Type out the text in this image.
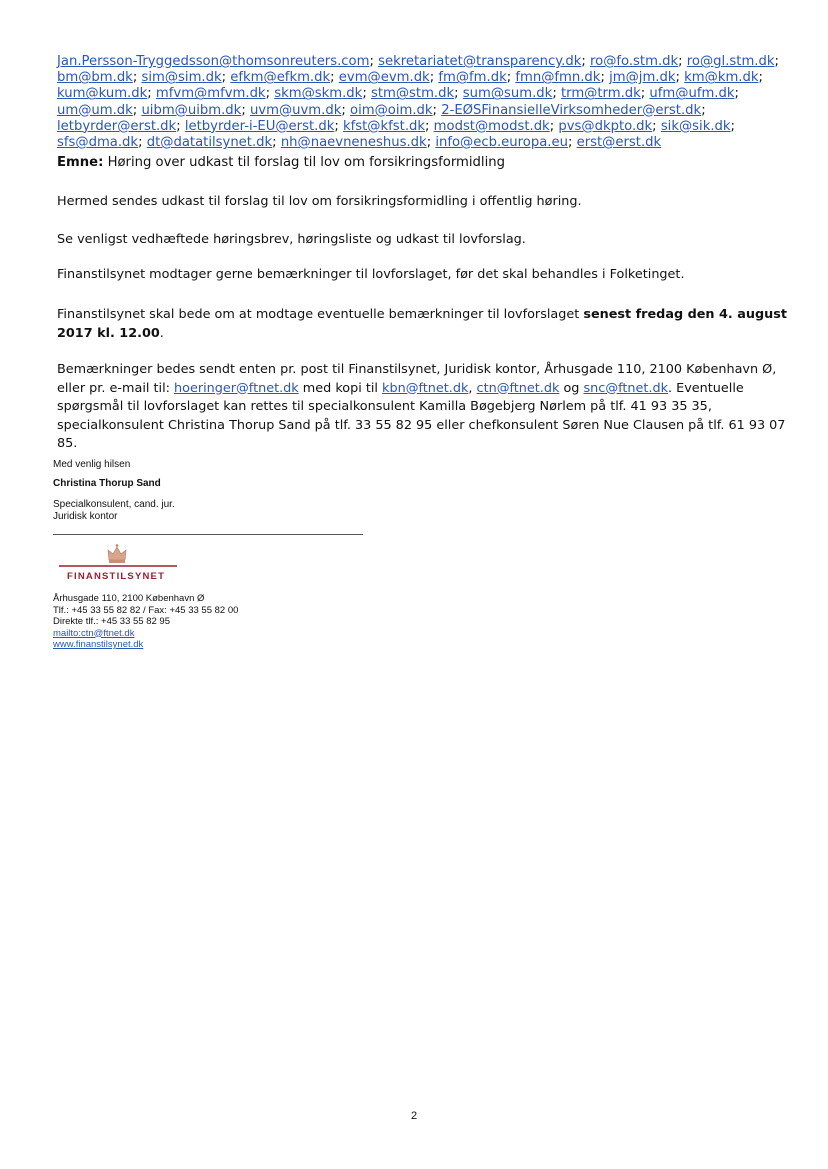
Jan.Persson-Tryggedsson@thomsonreuters.com; sekretariatet@transparency.dk; ro@fo.stm.dk; ro@gl.stm.dk; bm@bm.dk; sim@sim.dk; efkm@efkm.dk; evm@evm.dk; fm@fm.dk; fmn@fmn.dk; jm@jm.dk; km@km.dk; kum@kum.dk; mfvm@mfvm.dk; skm@skm.dk; stm@stm.dk; sum@sum.dk; trm@trm.dk; ufm@ufm.dk; um@um.dk; uibm@uibm.dk; uvm@uvm.dk; oim@oim.dk; 2-EØSFinansielleVirksomheder@erst.dk; letbyrder@erst.dk; letbyrder-i-EU@erst.dk; kfst@kfst.dk; modst@modst.dk; pvs@dkpto.dk; sik@sik.dk; sfs@dma.dk; dt@datatilsynet.dk; nh@naevneneshus.dk; info@ecb.europa.eu; erst@erst.dk
Emne: Høring over udkast til forslag til lov om forsikringsformidling

Hermed sendes udkast til forslag til lov om forsikringsformidling i offentlig høring.

Se venligst vedhæftede høringsbrev, høringsliste og udkast til lovforslag.

Finanstilsynet modtager gerne bemærkninger til lovforslaget, før det skal behandles i Folketinget.

Finanstilsynet skal bede om at modtage eventuelle bemærkninger til lovforslaget senest fredag den 4. august 2017 kl. 12.00.

Bemærkninger bedes sendt enten pr. post til Finanstilsynet, Juridisk kontor, Århusgade 110, 2100 København Ø, eller pr. e-mail til: hoeringer@ftnet.dk med kopi til kbn@ftnet.dk, ctn@ftnet.dk og snc@ftnet.dk. Eventuelle spørgsmål til lovforslaget kan rettes til specialkonsulent Kamilla Bøgebjerg Nørlem på tlf. 41 93 35 35, specialkonsulent Christina Thorup Sand på tlf. 33 55 82 95 eller chefkonsulent Søren Nue Clausen på tlf. 61 93 07 85.

Med venlig hilsen
Christina Thorup Sand
Specialkonsulent, cand. jur.
Juridisk kontor
FINANSTILSYNET
Århusgade 110, 2100 København Ø
Tlf.: +45 33 55 82 82 / Fax: +45 33 55 82 00
Direkte tlf.: +45 33 55 82 95
mailto:ctn@ftnet.dk
www.finanstilsynet.dk
2
